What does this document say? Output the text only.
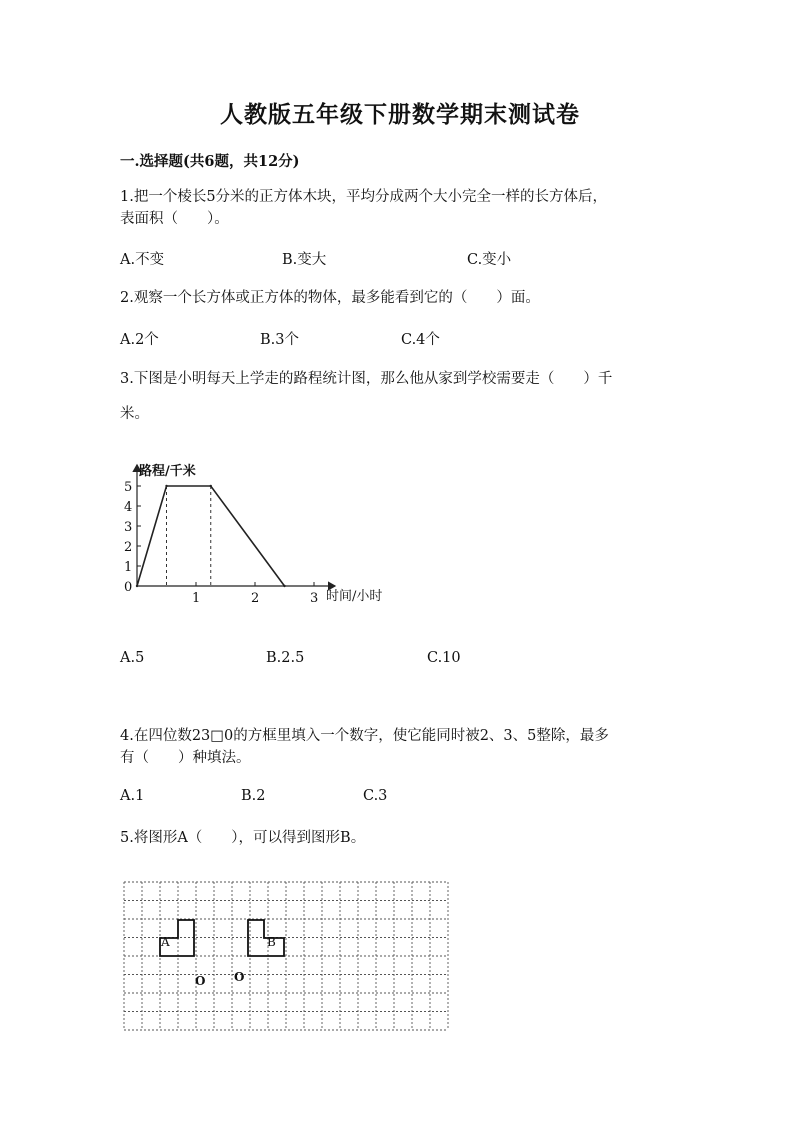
人教版五年级下册数学期末测试卷
一.选择题(共6题，共12分)
1.把一个棱长5分米的正方体木块，平均分成两个大小完全一样的长方体后，
表面积（　　）。
A.不变	B.变大	C.变小
2.观察一个长方体或正方体的物体，最多能看到它的（　　）面。
A.2个	B.3个	C.4个
3.下图是小明每天上学走的路程统计图，那么他从家到学校需要走（　　）千
米。
路程/千米
时间/小时
0
1
2
3
4
5
1	2	3
A.5	B.2.5	C.10
4.在四位数23□0的方框里填入一个数字，使它能同时被2、3、5整除，最多
有（　　）种填法。
A.1	B.2	C.3
5.将图形A（　　），可以得到图形B。
A	B
O O
